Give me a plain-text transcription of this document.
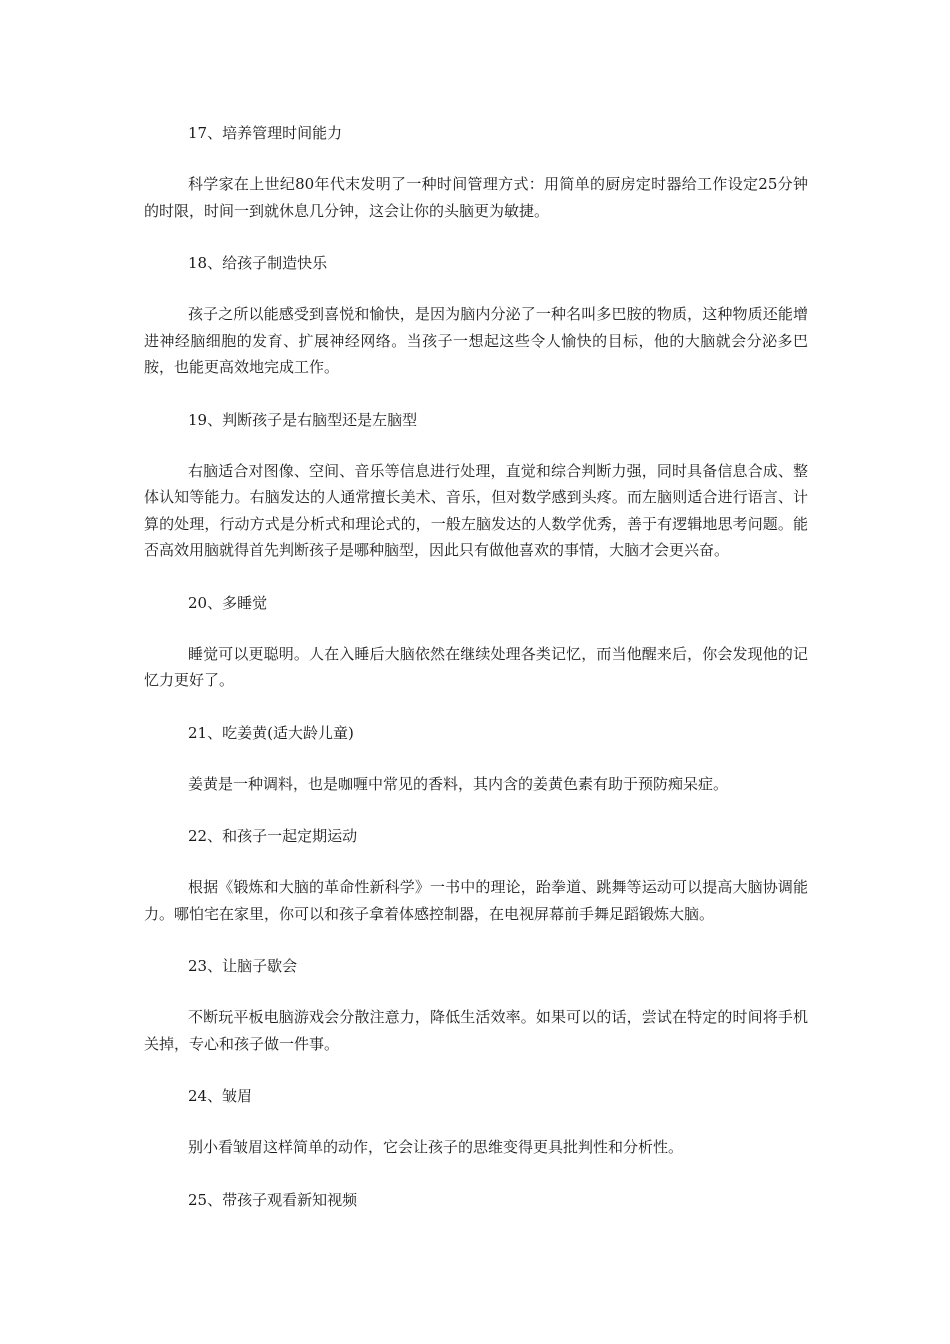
17、培养管理时间能力

科学家在上世纪80年代末发明了一种时间管理方式：用简单的厨房定时器给工作设定25分钟的时限，时间一到就休息几分钟，这会让你的头脑更为敏捷。

18、给孩子制造快乐

孩子之所以能感受到喜悦和愉快，是因为脑内分泌了一种名叫多巴胺的物质，这种物质还能增进神经脑细胞的发育、扩展神经网络。当孩子一想起这些令人愉快的目标，他的大脑就会分泌多巴胺，也能更高效地完成工作。

19、判断孩子是右脑型还是左脑型

右脑适合对图像、空间、音乐等信息进行处理，直觉和综合判断力强，同时具备信息合成、整体认知等能力。右脑发达的人通常擅长美术、音乐，但对数学感到头疼。而左脑则适合进行语言、计算的处理，行动方式是分析式和理论式的，一般左脑发达的人数学优秀，善于有逻辑地思考问题。能否高效用脑就得首先判断孩子是哪种脑型，因此只有做他喜欢的事情，大脑才会更兴奋。

20、多睡觉

睡觉可以更聪明。人在入睡后大脑依然在继续处理各类记忆，而当他醒来后，你会发现他的记忆力更好了。

21、吃姜黄(适大龄儿童)

姜黄是一种调料，也是咖喱中常见的香料，其内含的姜黄色素有助于预防痴呆症。

22、和孩子一起定期运动

根据《锻炼和大脑的革命性新科学》一书中的理论，跆拳道、跳舞等运动可以提高大脑协调能力。哪怕宅在家里，你可以和孩子拿着体感控制器，在电视屏幕前手舞足蹈锻炼大脑。

23、让脑子歇会

不断玩平板电脑游戏会分散注意力，降低生活效率。如果可以的话，尝试在特定的时间将手机关掉，专心和孩子做一件事。

24、皱眉

别小看皱眉这样简单的动作，它会让孩子的思维变得更具批判性和分析性。

25、带孩子观看新知视频
